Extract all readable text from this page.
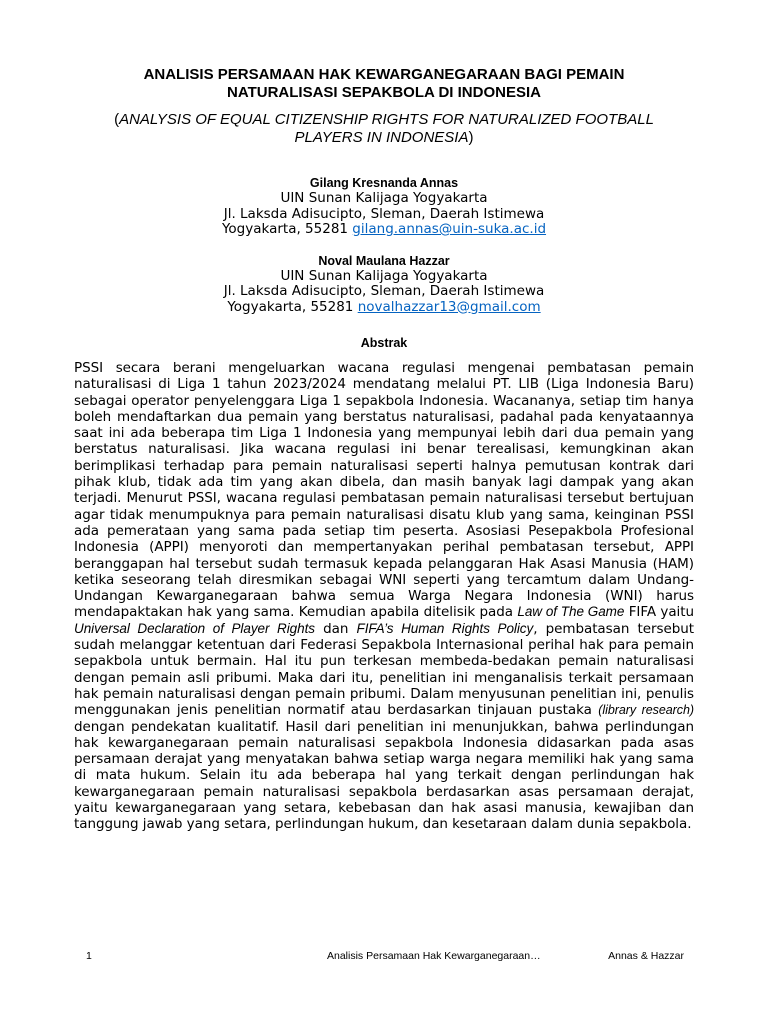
ANALISIS PERSAMAAN HAK KEWARGANEGARAAN BAGI PEMAIN
NATURALISASI SEPAKBOLA DI INDONESIA

(ANALYSIS OF EQUAL CITIZENSHIP RIGHTS FOR NATURALIZED FOOTBALL
PLAYERS IN INDONESIA)

Gilang Kresnanda Annas
UIN Sunan Kalijaga Yogyakarta
Jl. Laksda Adisucipto, Sleman, Daerah Istimewa
Yogyakarta, 55281 gilang.annas@uin-suka.ac.id
Noval Maulana Hazzar
UIN Sunan Kalijaga Yogyakarta
Jl. Laksda Adisucipto, Sleman, Daerah Istimewa
Yogyakarta, 55281 novalhazzar13@gmail.com
Abstrak

PSSI secara berani mengeluarkan wacana regulasi mengenai pembatasan pemain naturalisasi di Liga 1 tahun 2023/2024 mendatang melalui PT. LIB (Liga Indonesia Baru) sebagai operator penyelenggara Liga 1 sepakbola Indonesia. Wacananya, setiap tim hanya boleh mendaftarkan dua pemain yang berstatus naturalisasi, padahal pada kenyataannya saat ini ada beberapa tim Liga 1 Indonesia yang mempunyai lebih dari dua pemain yang berstatus naturalisasi. Jika wacana regulasi ini benar terealisasi, kemungkinan akan berimplikasi terhadap para pemain naturalisasi seperti halnya pemutusan kontrak dari pihak klub, tidak ada tim yang akan dibela, dan masih banyak lagi dampak yang akan terjadi. Menurut PSSI, wacana regulasi pembatasan pemain naturalisasi tersebut bertujuan agar tidak menumpuknya para pemain naturalisasi disatu klub yang sama, keinginan PSSI ada pemerataan yang sama pada setiap tim peserta. Asosiasi Pesepakbola Profesional Indonesia (APPI) menyoroti dan mempertanyakan perihal pembatasan tersebut, APPI beranggapan hal tersebut sudah termasuk kepada pelanggaran Hak Asasi Manusia (HAM) ketika seseorang telah diresmikan sebagai WNI seperti yang tercamtum dalam Undang-Undangan Kewarganegaraan bahwa semua Warga Negara Indonesia (WNI) harus mendapaktakan hak yang sama. Kemudian apabila ditelisik pada Law of The Game FIFA yaitu Universal Declaration of Player Rights dan FIFA’s Human Rights Policy, pembatasan tersebut sudah melanggar ketentuan dari Federasi Sepakbola Internasional perihal hak para pemain sepakbola untuk bermain. Hal itu pun terkesan membeda-bedakan pemain naturalisasi dengan pemain asli pribumi. Maka dari itu, penelitian ini menganalisis terkait persamaan hak pemain naturalisasi dengan pemain pribumi. Dalam menyusunan penelitian ini, penulis menggunakan jenis penelitian normatif atau berdasarkan tinjauan pustaka (library research) dengan pendekatan kualitatif. Hasil dari penelitian ini menunjukkan, bahwa perlindungan hak kewarganegaraan pemain naturalisasi sepakbola Indonesia didasarkan pada asas persamaan derajat yang menyatakan bahwa setiap warga negara memiliki hak yang sama di mata hukum. Selain itu ada beberapa hal yang terkait dengan perlindungan hak kewarganegaraan pemain naturalisasi sepakbola berdasarkan asas persamaan derajat, yaitu kewarganegaraan yang setara, kebebasan dan hak asasi manusia, kewajiban dan tanggung jawab yang setara, perlindungan hukum, dan kesetaraan dalam dunia sepakbola.

1	Analisis Persamaan Hak Kewarganegaraan…	Annas & Hazzar
